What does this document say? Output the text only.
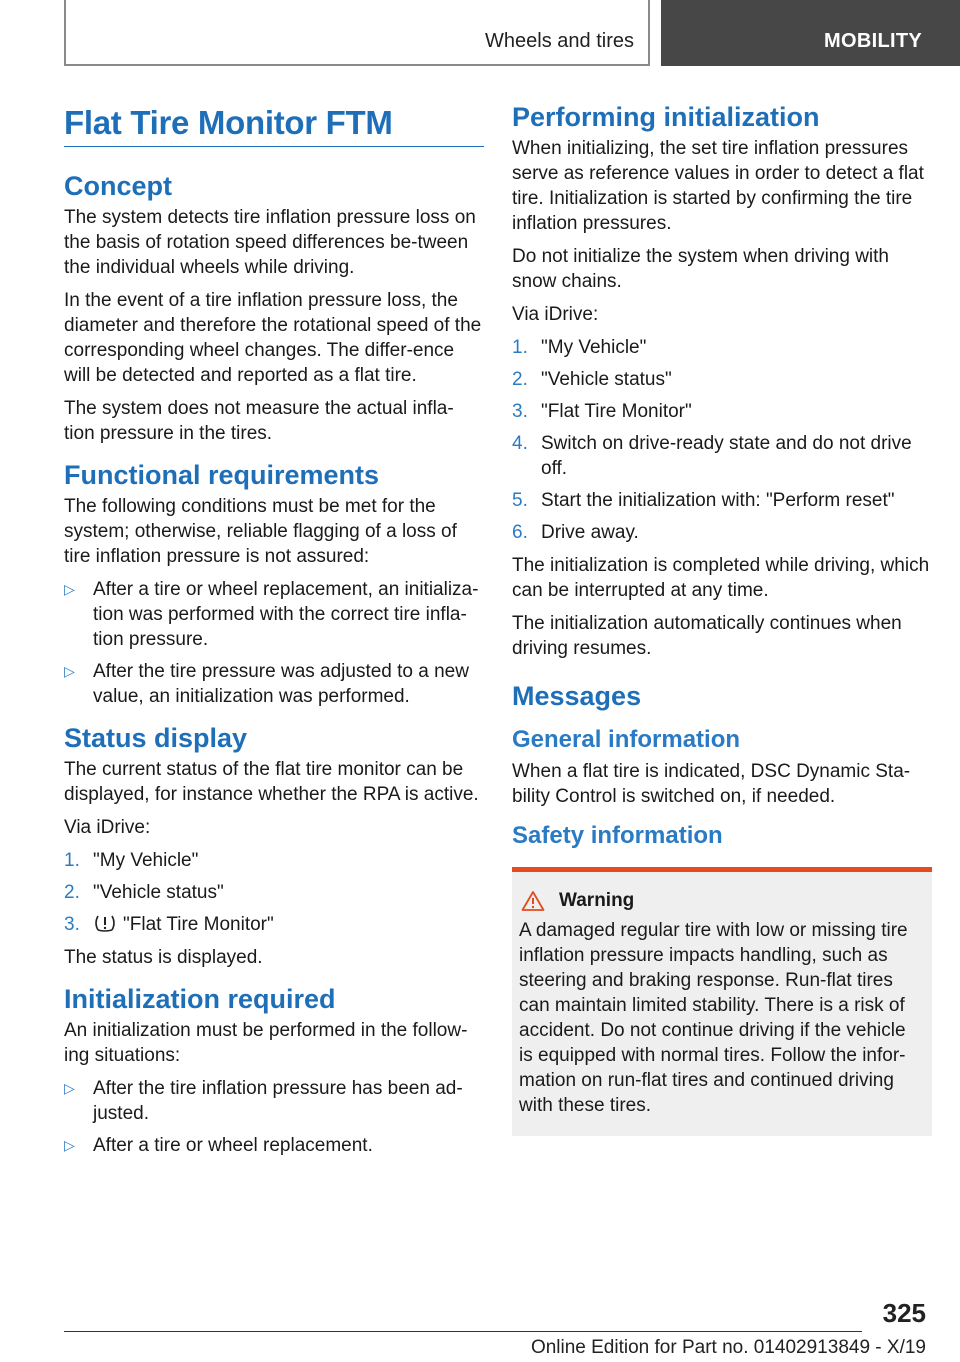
Wheels and tires	MOBILITY
Flat Tire Monitor FTM
Concept

The system detects tire inflation pressure loss on the basis of rotation speed differences be‐tween the individual wheels while driving.

In the event of a tire inflation pressure loss, the diameter and therefore the rotational speed of the corresponding wheel changes. The differ‐ence will be detected and reported as a flat tire.

The system does not measure the actual infla‐tion pressure in the tires.

Functional requirements

The following conditions must be met for the system; otherwise, reliable flagging of a loss of tire inflation pressure is not assured:

▷ After a tire or wheel replacement, an initializa‐tion was performed with the correct tire infla‐tion pressure.
▷ After the tire pressure was adjusted to a new value, an initialization was performed.
Status display

The current status of the flat tire monitor can be displayed, for instance whether the RPA is active.

Via iDrive:

1. "My Vehicle"
2. "Vehicle status"
3. "Flat Tire Monitor"

The status is displayed.

Initialization required

An initialization must be performed in the follow‐ing situations:

▷ After the tire inflation pressure has been ad‐justed.
▷ After a tire or wheel replacement.
Performing initialization

When initializing, the set tire inflation pressures serve as reference values in order to detect a flat tire. Initialization is started by confirming the tire inflation pressures.

Do not initialize the system when driving with snow chains.

Via iDrive:

1. "My Vehicle"
2. "Vehicle status"
3. "Flat Tire Monitor"
4. Switch on drive-ready state and do not drive off.
5. Start the initialization with: "Perform reset"
6. Drive away.

The initialization is completed while driving, which can be interrupted at any time.

The initialization automatically continues when driving resumes.

Messages
General information

When a flat tire is indicated, DSC Dynamic Sta‐bility Control is switched on, if needed.

Safety information
Warning

A damaged regular tire with low or missing tire inflation pressure impacts handling, such as steering and braking response. Run-flat tires can maintain limited stability. There is a risk of accident. Do not continue driving if the vehicle is equipped with normal tires. Follow the infor‐mation on run-flat tires and continued driving with these tires.

325
Online Edition for Part no. 01402913849 - X/19
